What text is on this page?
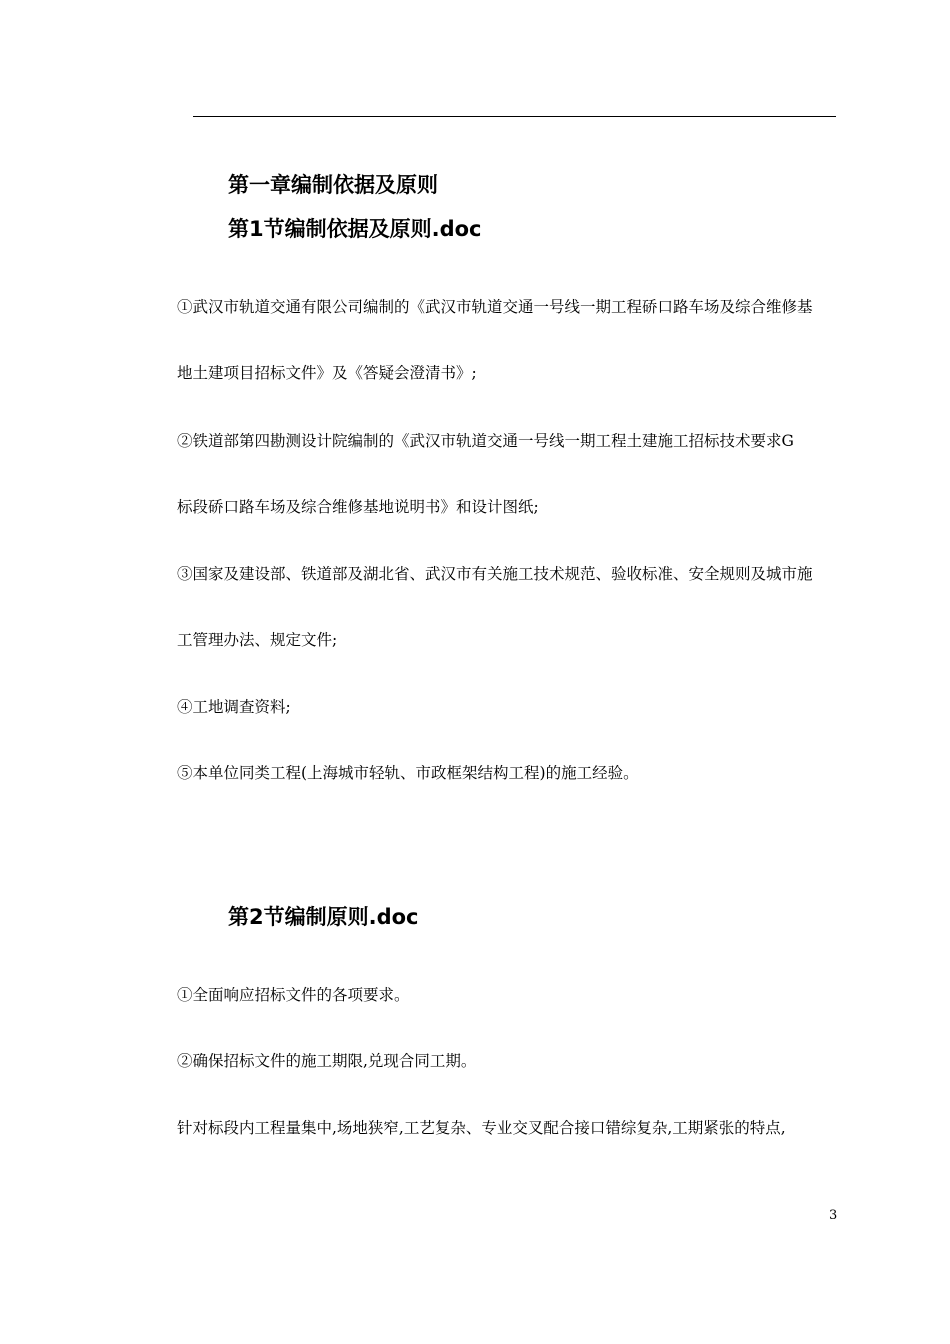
第一章编制依据及原则
第1节编制依据及原则.doc

①武汉市轨道交通有限公司编制的《武汉市轨道交通一号线一期工程硚口路车场及综合维修基

地土建项目招标文件》及《答疑会澄清书》;

②铁道部第四勘测设计院编制的《武汉市轨道交通一号线一期工程土建施工招标技术要求G

标段硚口路车场及综合维修基地说明书》和设计图纸;

③国家及建设部、铁道部及湖北省、武汉市有关施工技术规范、验收标准、安全规则及城市施

工管理办法、规定文件;

④工地调查资料;

⑤本单位同类工程(上海城市轻轨、市政框架结构工程)的施工经验。

第2节编制原则.doc

①全面响应招标文件的各项要求。

②确保招标文件的施工期限,兑现合同工期。

针对标段内工程量集中,场地狭窄,工艺复杂、专业交叉配合接口错综复杂,工期紧张的特点,

3
